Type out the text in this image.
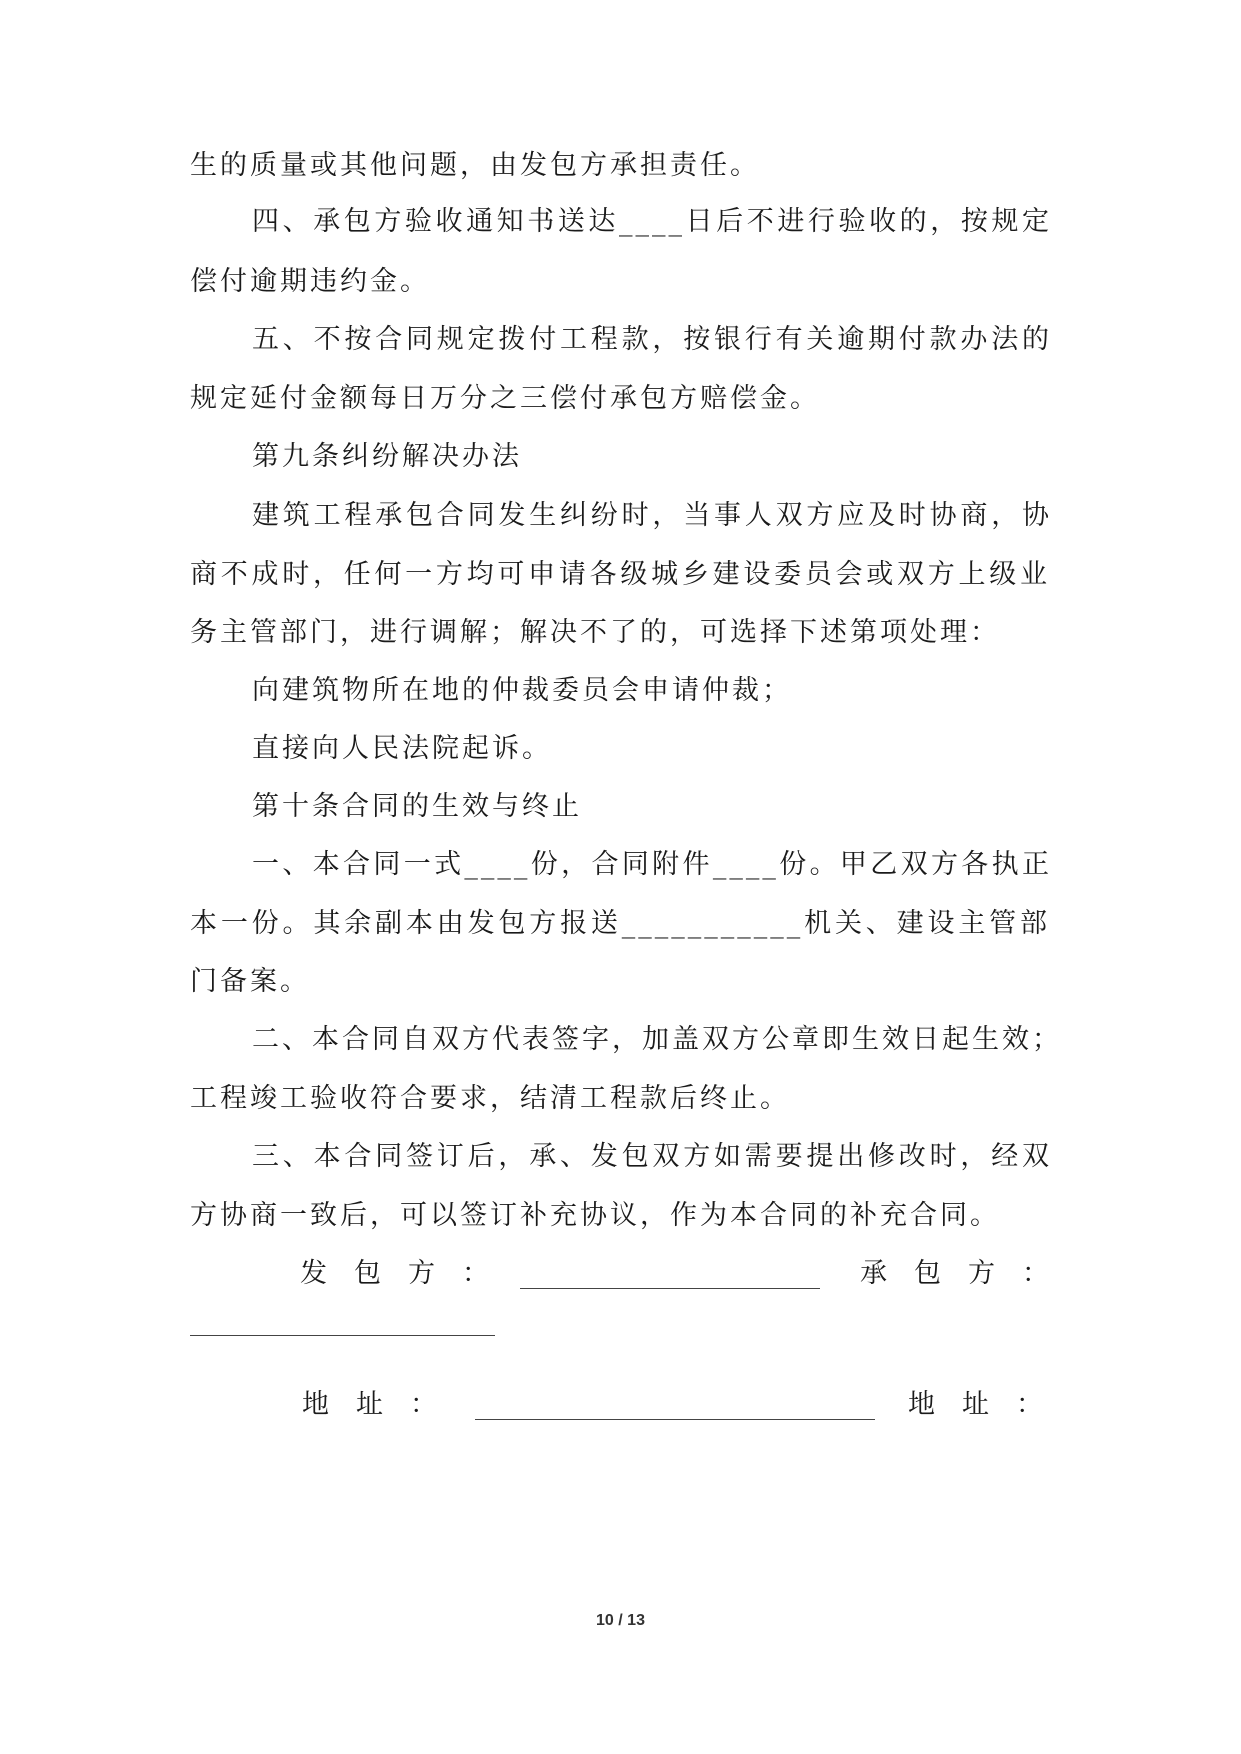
生的质量或其他问题，由发包方承担责任。

四、承包方验收通知书送达____日后不进行验收的，按规定

偿付逾期违约金。

五、不按合同规定拨付工程款，按银行有关逾期付款办法的

规定延付金额每日万分之三偿付承包方赔偿金。

第九条纠纷解决办法

建筑工程承包合同发生纠纷时，当事人双方应及时协商，协

商不成时，任何一方均可申请各级城乡建设委员会或双方上级业

务主管部门，进行调解；解决不了的，可选择下述第项处理：

向建筑物所在地的仲裁委员会申请仲裁；

直接向人民法院起诉。

第十条合同的生效与终止

一、本合同一式____份，合同附件____份。甲乙双方各执正

本一份。其余副本由发包方报送___________机关、建设主管部

门备案。

二、本合同自双方代表签字，加盖双方公章即生效日起生效；

工程竣工验收符合要求，结清工程款后终止。

三、本合同签订后，承、发包双方如需要提出修改时，经双

方协商一致后，可以签订补充协议，作为本合同的补充合同。

发　包　方　：	承　包　方　：
地　址　：	地　址　：
10 / 13
